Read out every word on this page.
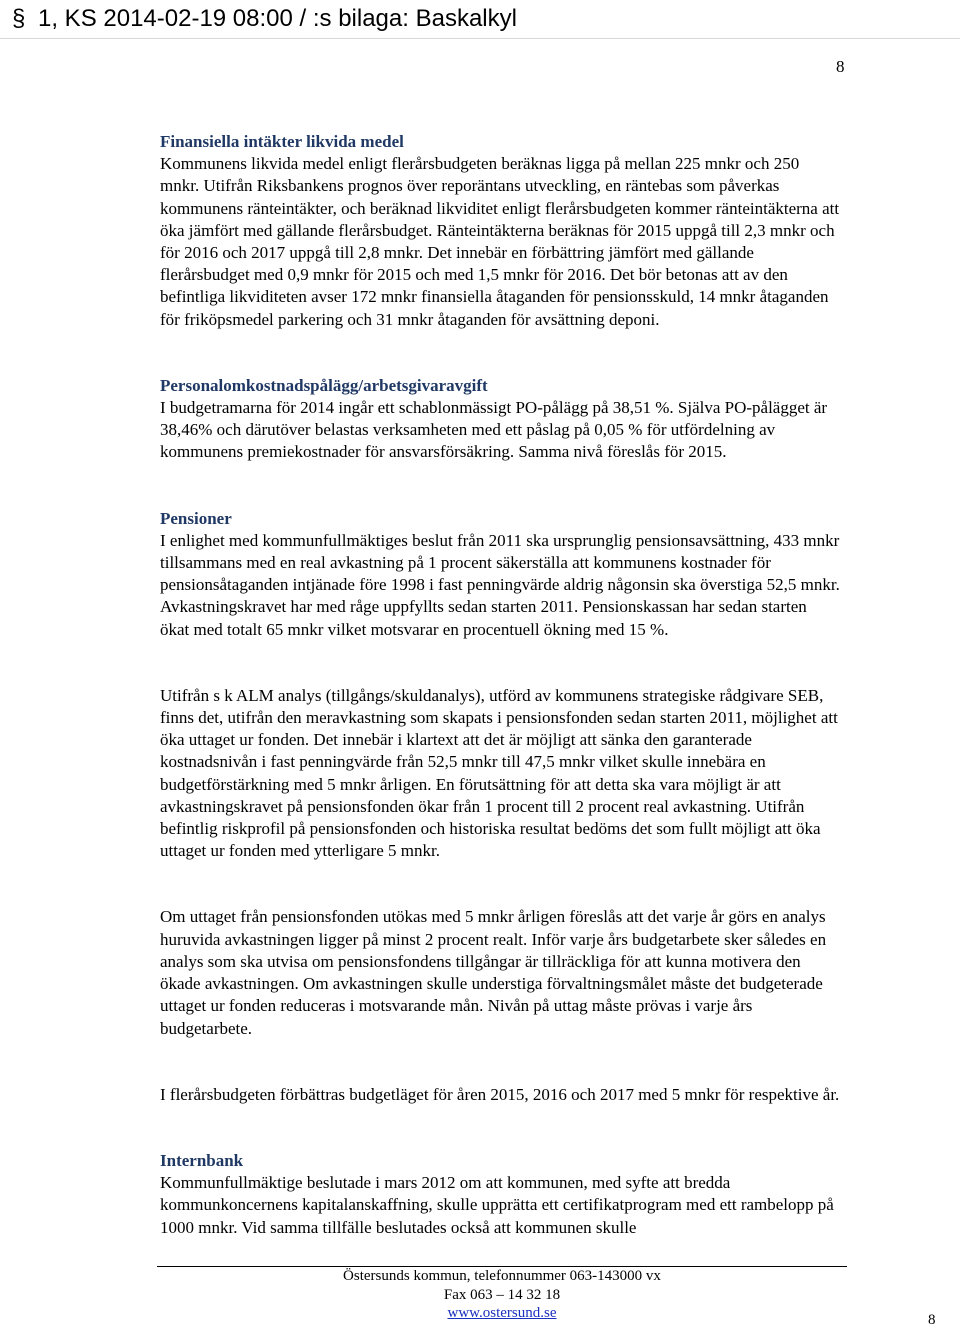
§ 1, KS 2014-02-19 08:00 / :s bilaga: Baskalkyl
8
Finansiella intäkter likvida medel
Kommunens likvida medel enligt flerårsbudgeten beräknas ligga på mellan 225 mnkr och 250 mnkr. Utifrån Riksbankens prognos över reporäntans utveckling, en räntebas som påverkas kommunens ränteintäkter, och beräknad likviditet enligt flerårsbudgeten kommer ränteintäkterna att öka jämfört med gällande flerårsbudget. Ränteintäkterna beräknas för 2015 uppgå till 2,3 mnkr och för 2016 och 2017 uppgå till 2,8 mnkr. Det innebär en förbättring jämfört med gällande flerårsbudget med 0,9 mnkr för 2015 och med 1,5 mnkr för 2016. Det bör betonas att av den befintliga likviditeten avser 172 mnkr finansiella åtaganden för pensionsskuld, 14 mnkr åtaganden för friköpsmedel parkering och 31 mnkr åtaganden för avsättning deponi.
Personalomkostnadspålägg/arbetsgivaravgift
I budgetramarna för 2014 ingår ett schablonmässigt PO-pålägg på 38,51 %. Själva PO-pålägget är 38,46% och därutöver belastas verksamheten med ett påslag på 0,05 % för utfördelning av kommunens premiekostnader för ansvarsförsäkring. Samma nivå föreslås för 2015.
Pensioner
I enlighet med kommunfullmäktiges beslut från 2011 ska ursprunglig pensionsavsättning, 433 mnkr tillsammans med en real avkastning på 1 procent säkerställa att kommunens kostnader för pensionsåtaganden intjänade före 1998 i fast penningvärde aldrig någonsin ska överstiga 52,5 mnkr. Avkastningskravet har med råge uppfyllts sedan starten 2011. Pensionskassan har sedan starten ökat med totalt 65 mnkr vilket motsvarar en procentuell ökning med 15 %.
Utifrån s k ALM analys (tillgångs/skuldanalys), utförd av kommunens strategiske rådgivare SEB, finns det, utifrån den meravkastning som skapats i pensionsfonden sedan starten 2011, möjlighet att öka uttaget ur fonden. Det innebär i klartext att det är möjligt att sänka den garanterade kostnadsnivån i fast penningvärde från 52,5 mnkr till 47,5 mnkr vilket skulle innebära en budgetförstärkning med 5 mnkr årligen. En förutsättning för att detta ska vara möjligt är att avkastningskravet på pensionsfonden ökar från 1 procent till 2 procent real avkastning. Utifrån befintlig riskprofil på pensionsfonden och historiska resultat bedöms det som fullt möjligt att öka uttaget ur fonden med ytterligare 5 mnkr.
Om uttaget från pensionsfonden utökas med 5 mnkr årligen föreslås att det varje år görs en analys huruvida avkastningen ligger på minst 2 procent realt. Inför varje års budgetarbete sker således en analys som ska utvisa om pensionsfondens tillgångar är tillräckliga för att kunna motivera den ökade avkastningen. Om avkastningen skulle understiga förvaltningsmålet måste det budgeterade uttaget ur fonden reduceras i motsvarande mån. Nivån på uttag måste prövas i varje års budgetarbete.
I flerårsbudgeten förbättras budgetläget för åren 2015, 2016 och 2017 med 5 mnkr för respektive år.
Internbank
Kommunfullmäktige beslutade i mars 2012 om att kommunen, med syfte att bredda kommunkoncernens kapitalanskaffning, skulle upprätta ett certifikatprogram med ett rambelopp på 1000 mnkr. Vid samma tillfälle beslutades också att kommunen skulle
Östersunds kommun, telefonnummer 063-143000 vx
Fax 063 – 14 32 18
www.ostersund.se	8
